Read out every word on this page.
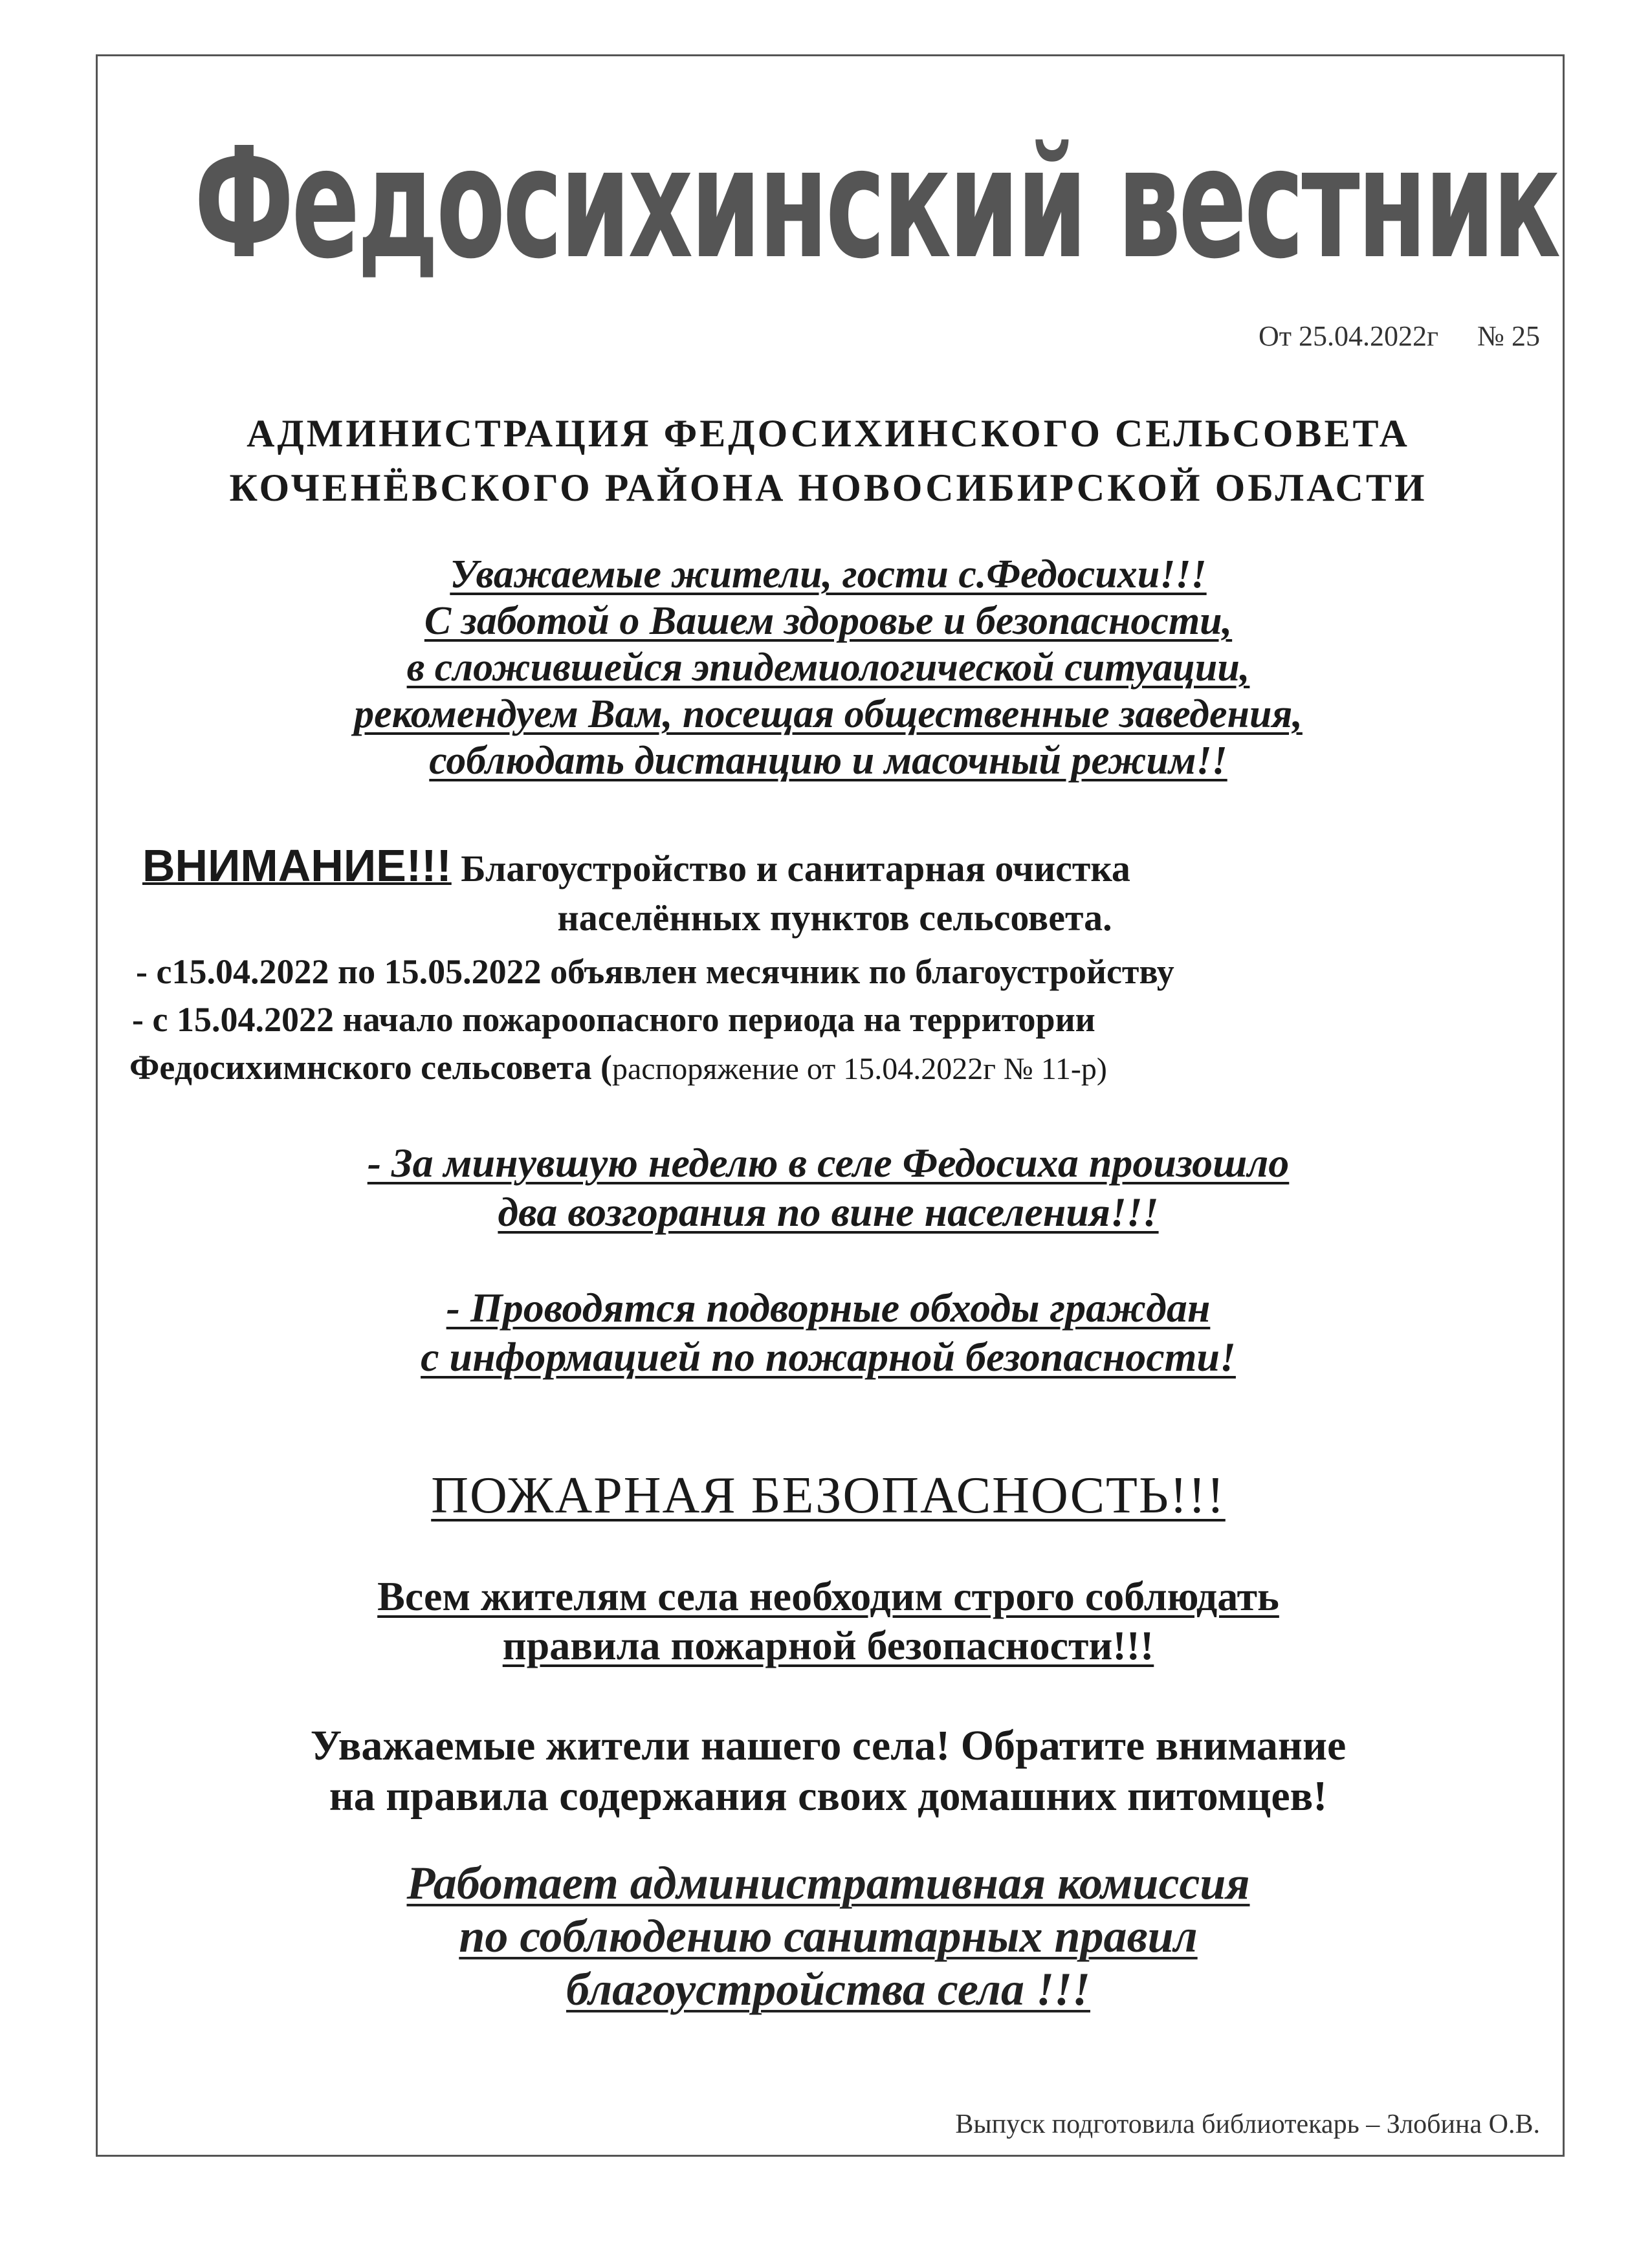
Федосихинский вестник
От 25.04.2022г № 25
АДМИНИСТРАЦИЯ ФЕДОСИХИНСКОГО СЕЛЬСОВЕТА
КОЧЕНЁВСКОГО РАЙОНА НОВОСИБИРСКОЙ ОБЛАСТИ
Уважаемые жители, гости с.Федосихи!!!
С заботой о Вашем здоровье и безопасности,
в сложившейся эпидемиологической ситуации,
рекомендуем Вам, посещая общественные заведения,
соблюдать дистанцию и масочный режим!!
ВНИМАНИЕ!!! Благоустройство и санитарная очистка
населённых пунктов сельсовета.
- с15.04.2022 по 15.05.2022 объявлен месячник по благоустройству
- с 15.04.2022 начало пожароопасного периода на территории
Федосихимнского сельсовета (распоряжение от 15.04.2022г № 11-р)
- За минувшую неделю в селе Федосиха произошло
два возгорания по вине населения!!!
- Проводятся подворные обходы граждан
с информацией по пожарной безопасности!
ПОЖАРНАЯ БЕЗОПАСНОСТЬ!!!
Всем жителям села необходим строго соблюдать
правила пожарной безопасности!!!
Уважаемые жители нашего села! Обратите внимание
на правила содержания своих домашних питомцев!
Работает административная комиссия
по соблюдению санитарных правил
благоустройства села !!!
Выпуск подготовила библиотекарь – Злобина О.В.
